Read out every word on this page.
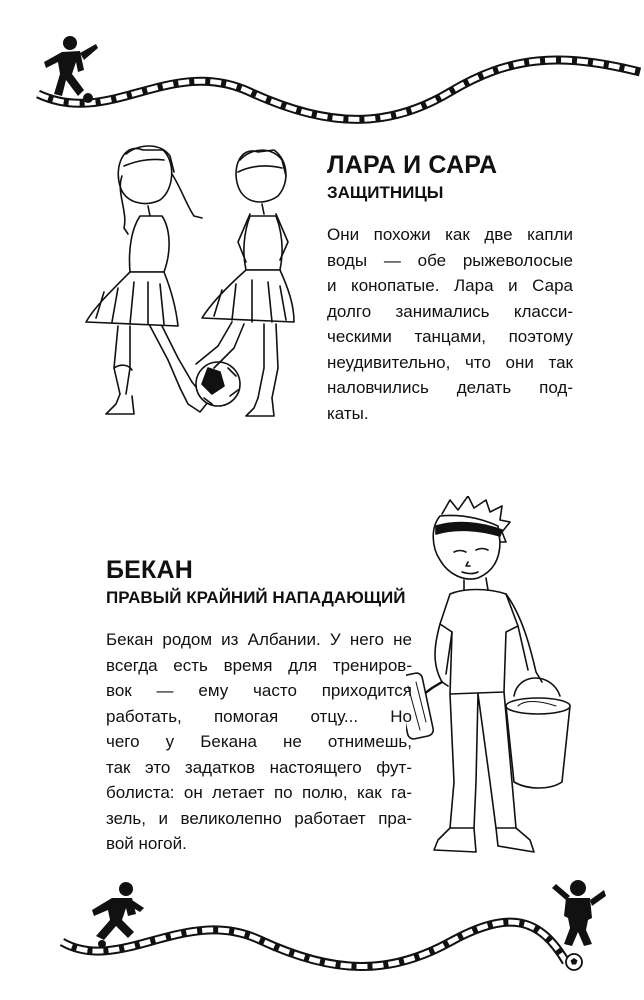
ЛАРА И САРА
ЗАЩИТНИЦЫ
Они похожи как две капли
воды — обе рыжеволосые
и конопатые. Лара и Сара
долго занимались класси-
ческими танцами, поэтому
неудивительно, что они так
наловчились делать под-
каты.
БЕКАН
ПРАВЫЙ КРАЙНИЙ НАПАДАЮЩИЙ
Бекан родом из Албании. У него не
всегда есть время для трениров-
вок — ему часто приходится
работать, помогая отцу... Но
чего у Бекана не отнимешь,
так это задатков настоящего фут-
болиста: он летает по полю, как га-
зель, и великолепно работает пра-
вой ногой.
